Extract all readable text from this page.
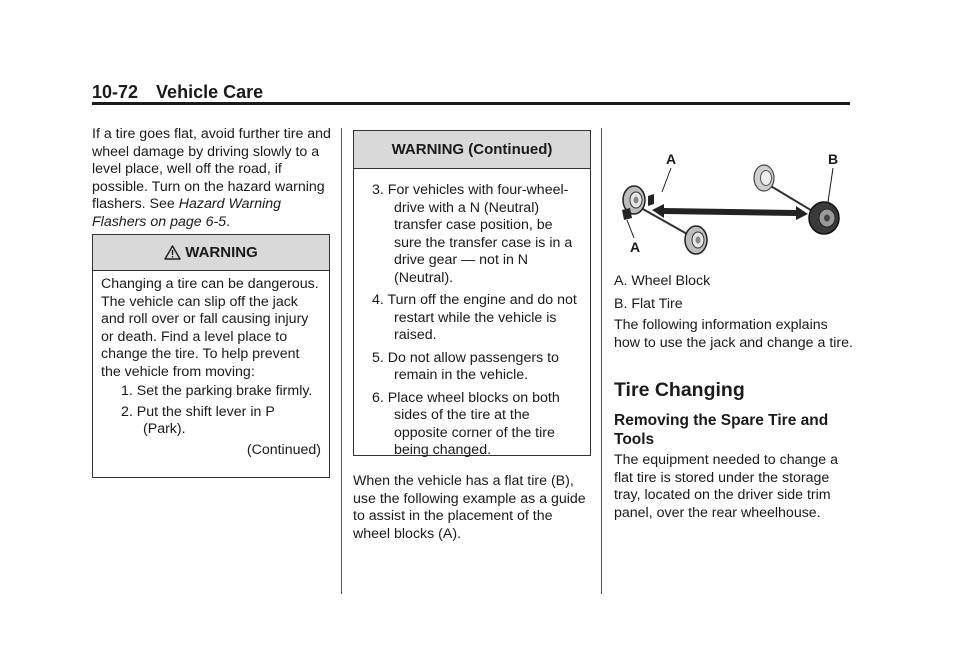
10-72 Vehicle Care
If a tire goes flat, avoid further tire and wheel damage by driving slowly to a level place, well off the road, if possible. Turn on the hazard warning flashers. See Hazard Warning Flashers on page 6-5.
WARNING
Changing a tire can be dangerous. The vehicle can slip off the jack and roll over or fall causing injury or death. Find a level place to change the tire. To help prevent the vehicle from moving:
1. Set the parking brake firmly.
2. Put the shift lever in P (Park).
(Continued)
WARNING (Continued)
3. For vehicles with four-wheel-drive with a N (Neutral) transfer case position, be sure the transfer case is in a drive gear — not in N (Neutral).
4. Turn off the engine and do not restart while the vehicle is raised.
5. Do not allow passengers to remain in the vehicle.
6. Place wheel blocks on both sides of the tire at the opposite corner of the tire being changed.
When the vehicle has a flat tire (B), use the following example as a guide to assist in the placement of the wheel blocks (A).
A
A
B
A. Wheel Block
B. Flat Tire
The following information explains how to use the jack and change a tire.
Tire Changing
Removing the Spare Tire and Tools
The equipment needed to change a flat tire is stored under the storage tray, located on the driver side trim panel, over the rear wheelhouse.
